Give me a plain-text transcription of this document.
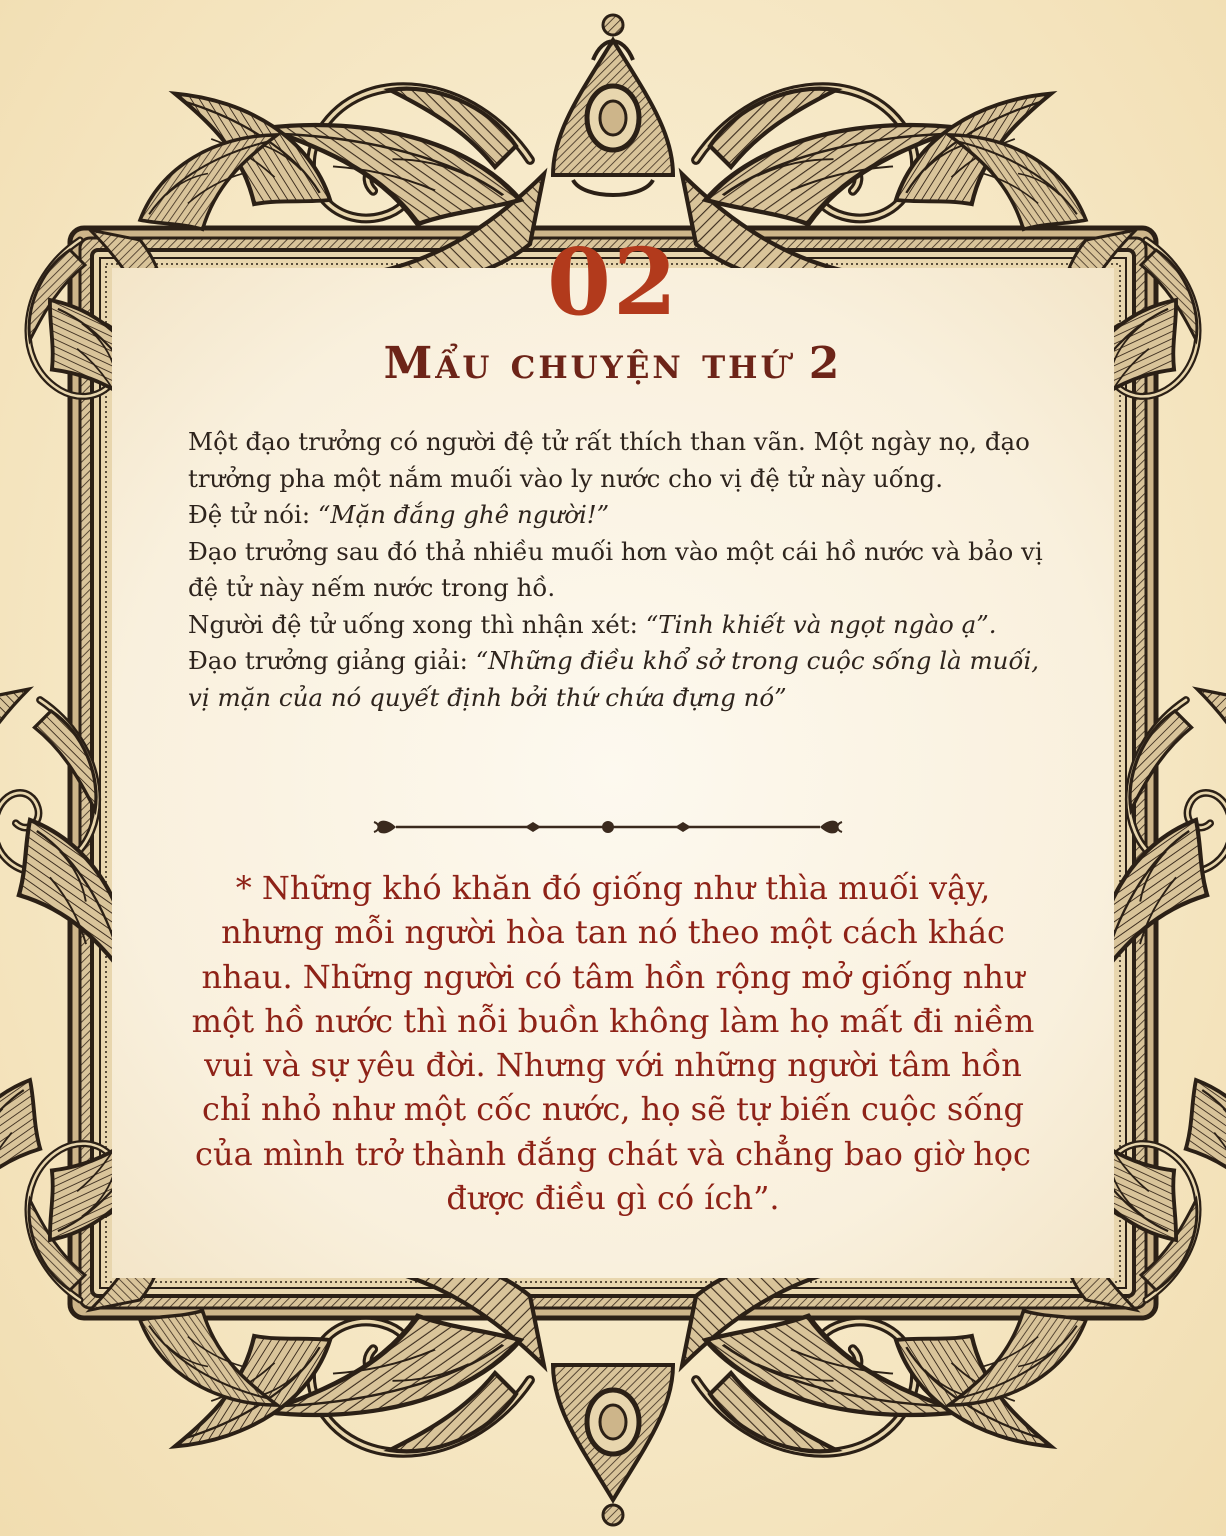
02
Mẩu chuyện thứ 2

Một đạo trưởng có người đệ tử rất thích than vãn. Một ngày nọ, đạo trưởng pha một nắm muối vào ly nước cho vị đệ tử này uống.

Đệ tử nói: “Mặn đắng ghê người!”

Đạo trưởng sau đó thả nhiều muối hơn vào một cái hồ nước và bảo vị đệ tử này nếm nước trong hồ.

Người đệ tử uống xong thì nhận xét: “Tinh khiết và ngọt ngào ạ”.

Đạo trưởng giảng giải: “Những điều khổ sở trong cuộc sống là muối, vị mặn của nó quyết định bởi thứ chứa đựng nó”

* Những khó khăn đó giống như thìa muối vậy, nhưng mỗi người hòa tan nó theo một cách khác nhau. Những người có tâm hồn rộng mở giống như một hồ nước thì nỗi buồn không làm họ mất đi niềm vui và sự yêu đời. Nhưng với những người tâm hồn chỉ nhỏ như một cốc nước, họ sẽ tự biến cuộc sống của mình trở thành đắng chát và chẳng bao giờ học được điều gì có ích”.
